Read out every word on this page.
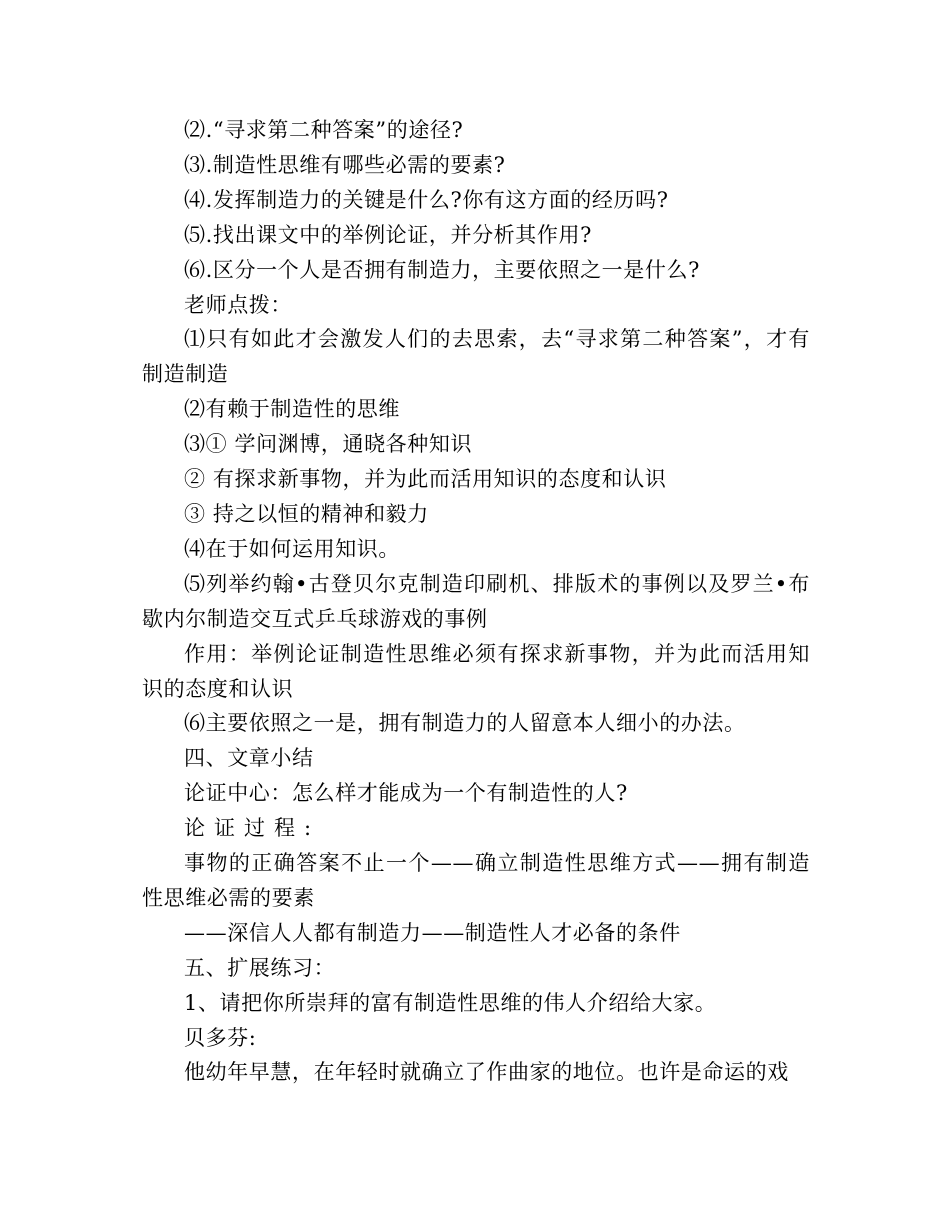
⑵.“寻求第二种答案”的途径?

⑶.制造性思维有哪些必需的要素?

⑷.发挥制造力的关键是什么?你有这方面的经历吗?

⑸.找出课文中的举例论证，并分析其作用?

⑹.区分一个人是否拥有制造力，主要依照之一是什么?

老师点拨：

⑴只有如此才会激发人们的去思索，去“寻求第二种答案”，才有制造制造

⑵有赖于制造性的思维

⑶① 学问渊博，通晓各种知识

② 有探求新事物，并为此而活用知识的态度和认识

③ 持之以恒的精神和毅力

⑷在于如何运用知识。

⑸列举约翰•古登贝尔克制造印刷机、排版术的事例以及罗兰•布歇内尔制造交互式乒乓球游戏的事例

作用：举例论证制造性思维必须有探求新事物，并为此而活用知识的态度和认识

⑹主要依照之一是，拥有制造力的人留意本人细小的办法。

四、文章小结

论证中心：怎么样才能成为一个有制造性的人?

论证过程:

事物的正确答案不止一个——确立制造性思维方式——拥有制造性思维必需的要素

——深信人人都有制造力——制造性人才必备的条件

五、扩展练习：

1、请把你所崇拜的富有制造性思维的伟人介绍给大家。

贝多芬:

他幼年早慧，在年轻时就确立了作曲家的地位。也许是命运的戏
